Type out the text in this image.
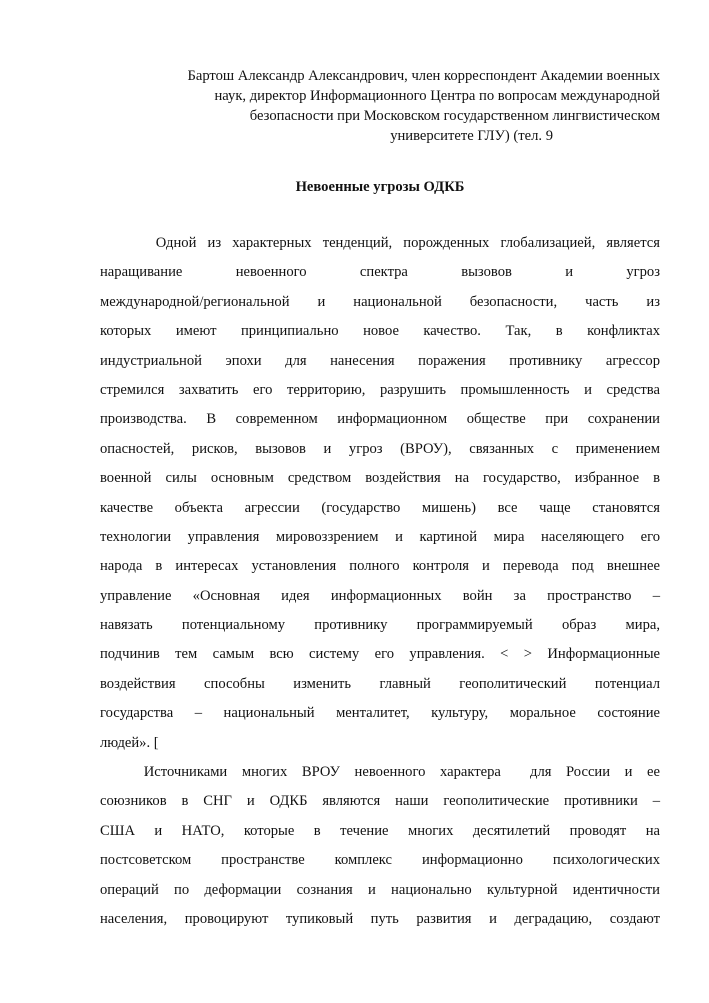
Бартош Александр Александрович, член корреспондент Академии военных
наук, директор Информационного Центра по вопросам международной
безопасности при Московском государственном лингвистическом
университете ГЛУ) (тел. 9
Невоенные угрозы ОДКБ
Одной из характерных тенденций, порожденных глобализацией, является
наращивание невоенного спектра вызовов и угроз
международной/региональной и национальной безопасности, часть из
которых имеют принципиально новое качество. Так, в конфликтах
индустриальной эпохи для нанесения поражения противнику агрессор
стремился захватить его территорию, разрушить промышленность и средства
производства. В современном информационном обществе при сохранении
опасностей, рисков, вызовов и угроз (ВРОУ), связанных с применением
военной силы основным средством воздействия на государство, избранное в
качестве объекта агрессии (государство мишень) все чаще становятся
технологии управления мировоззрением и картиной мира населяющего его
народа в интересах установления полного контроля и перевода под внешнее
управление «Основная идея информационных войн за пространство –
навязать потенциальному противнику программируемый образ мира,
подчинив тем самым всю систему его управления. < > Информационные
воздействия способны изменить главный геополитический потенциал
государства – национальный менталитет, культуру, моральное состояние
людей». [
Источниками многих ВРОУ невоенного характера  для России и ее
союзников в СНГ и ОДКБ являются наши геополитические противники –
США и НАТО, которые в течение многих десятилетий проводят на
постсоветском пространстве комплекс информационно психологических
операций по деформации сознания и национально культурной идентичности
населения, провоцируют тупиковый путь развития и деградацию, создают
